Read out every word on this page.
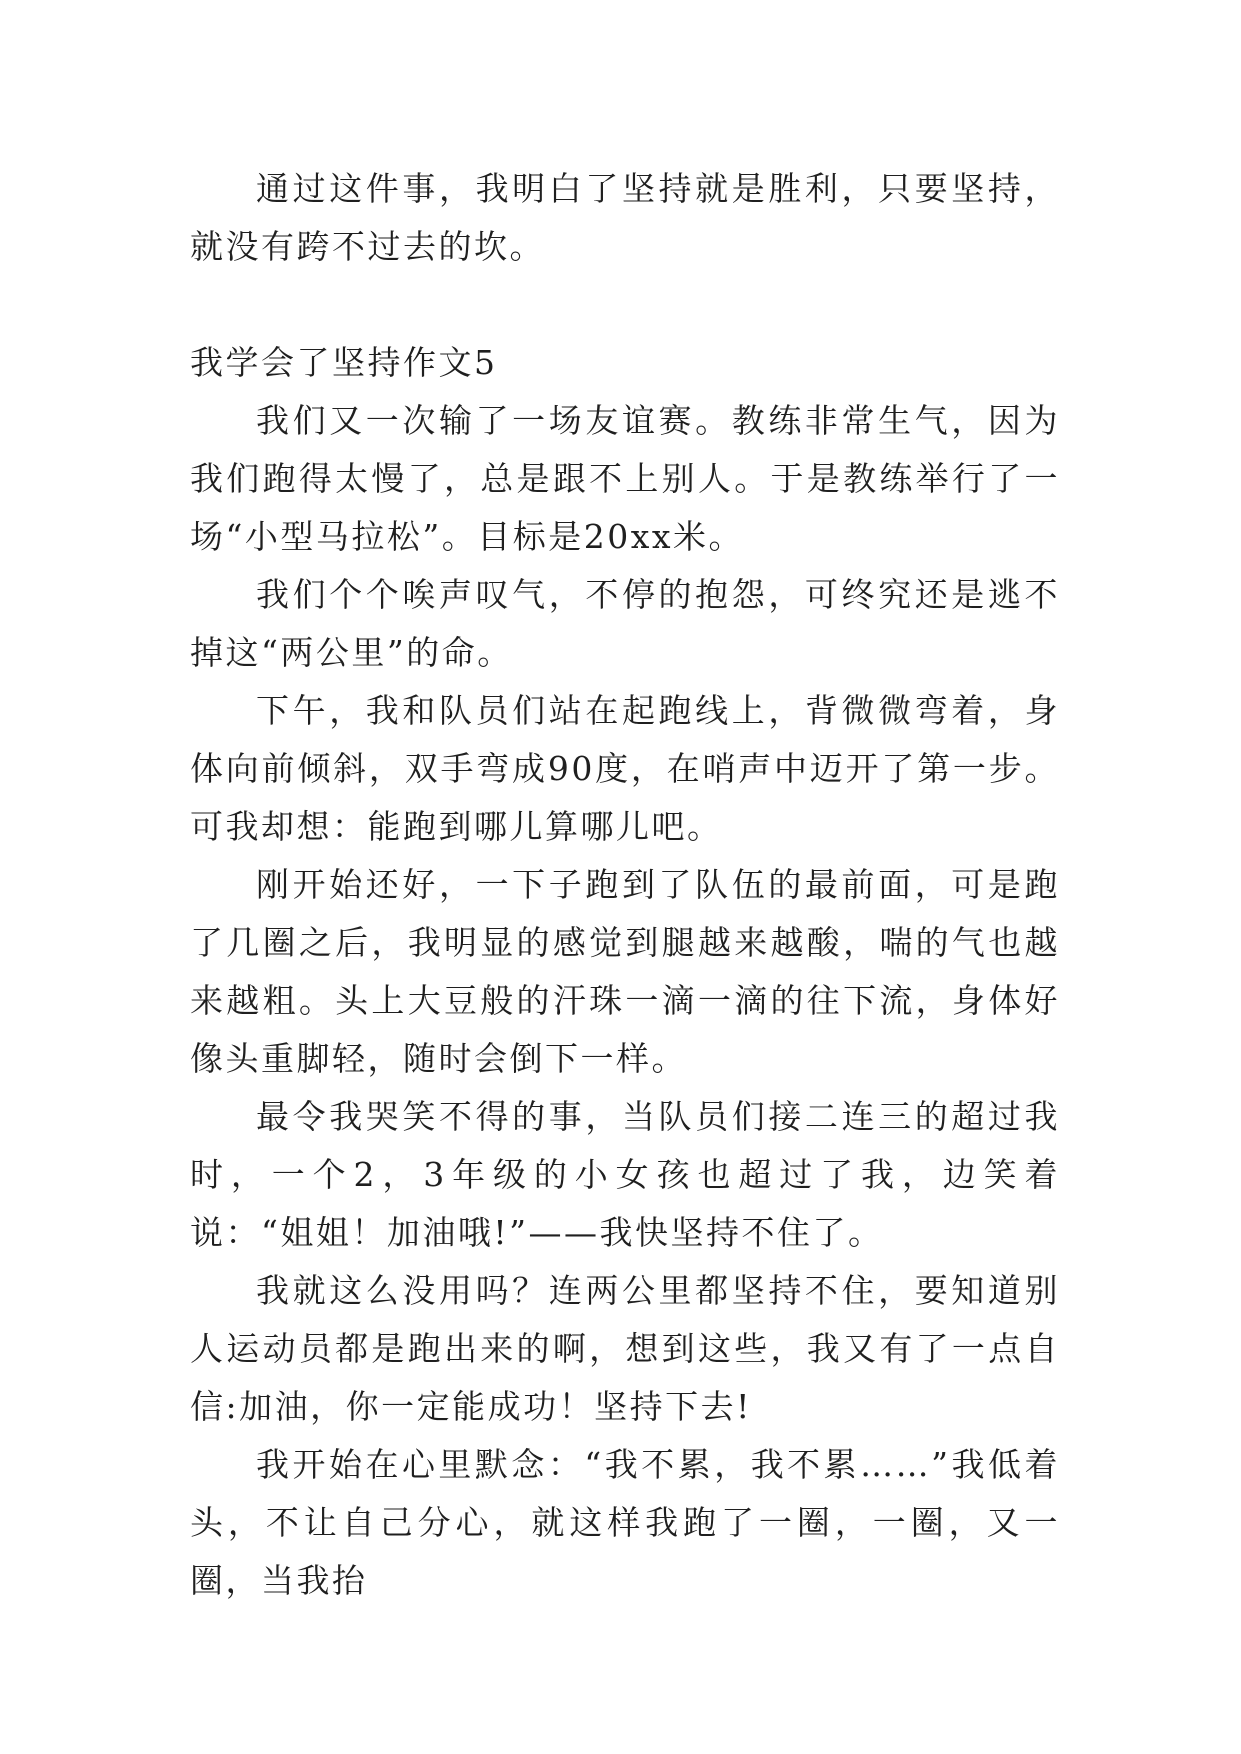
通过这件事，我明白了坚持就是胜利，只要坚持，就没有跨不过去的坎。

我学会了坚持作文5

我们又一次输了一场友谊赛。教练非常生气，因为我们跑得太慢了，总是跟不上别人。于是教练举行了一场“小型马拉松”。目标是20xx米。

我们个个唉声叹气，不停的抱怨，可终究还是逃不掉这“两公里”的命。

下午，我和队员们站在起跑线上，背微微弯着，身体向前倾斜，双手弯成90度，在哨声中迈开了第一步。可我却想：能跑到哪儿算哪儿吧。

刚开始还好，一下子跑到了队伍的最前面，可是跑了几圈之后，我明显的感觉到腿越来越酸，喘的气也越来越粗。头上大豆般的汗珠一滴一滴的往下流，身体好像头重脚轻，随时会倒下一样。

最令我哭笑不得的事，当队员们接二连三的超过我时，一个2，3年级的小女孩也超过了我，边笑着说：“姐姐！加油哦!”——我快坚持不住了。

我就这么没用吗？连两公里都坚持不住，要知道别人运动员都是跑出来的啊，想到这些，我又有了一点自信:加油，你一定能成功！坚持下去!

我开始在心里默念：“我不累，我不累……”我低着头，不让自己分心，就这样我跑了一圈，一圈，又一圈，当我抬
